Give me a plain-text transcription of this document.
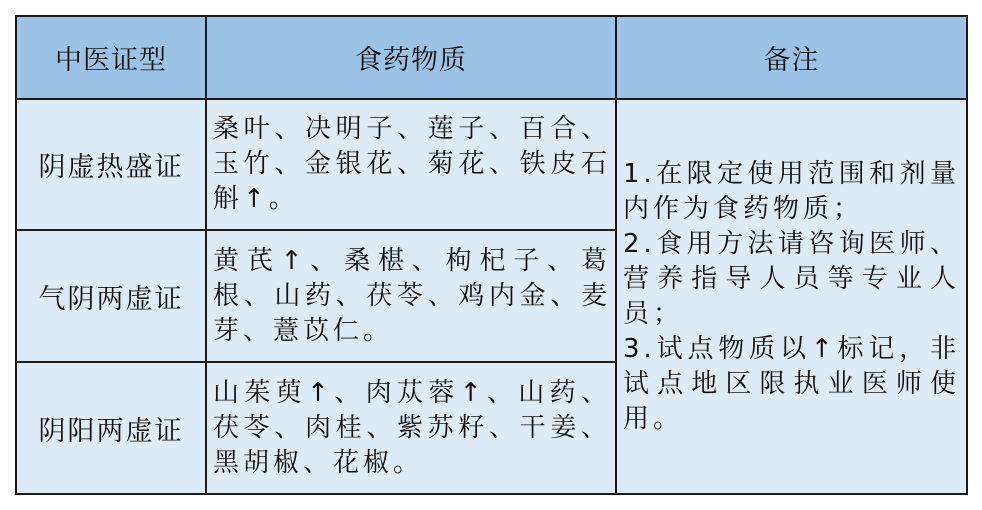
中医证型	食药物质	备注
阴虚热盛证	桑叶、决明子、莲子、百合、玉竹、金银花、菊花、铁皮石斛↑。	1.在限定使用范围和剂量内作为食药物质；
2.食用方法请咨询医师、营养指导人员等专业人员；
3.试点物质以↑标记，非试点地区限执业医师使用。

气阴两虚证	黄芪↑、桑椹、枸杞子、葛根、山药、茯苓、鸡内金、麦芽、薏苡仁。	
阴阳两虚证	山茱萸↑、肉苁蓉↑、山药、茯苓、肉桂、紫苏籽、干姜、黑胡椒、花椒。	
